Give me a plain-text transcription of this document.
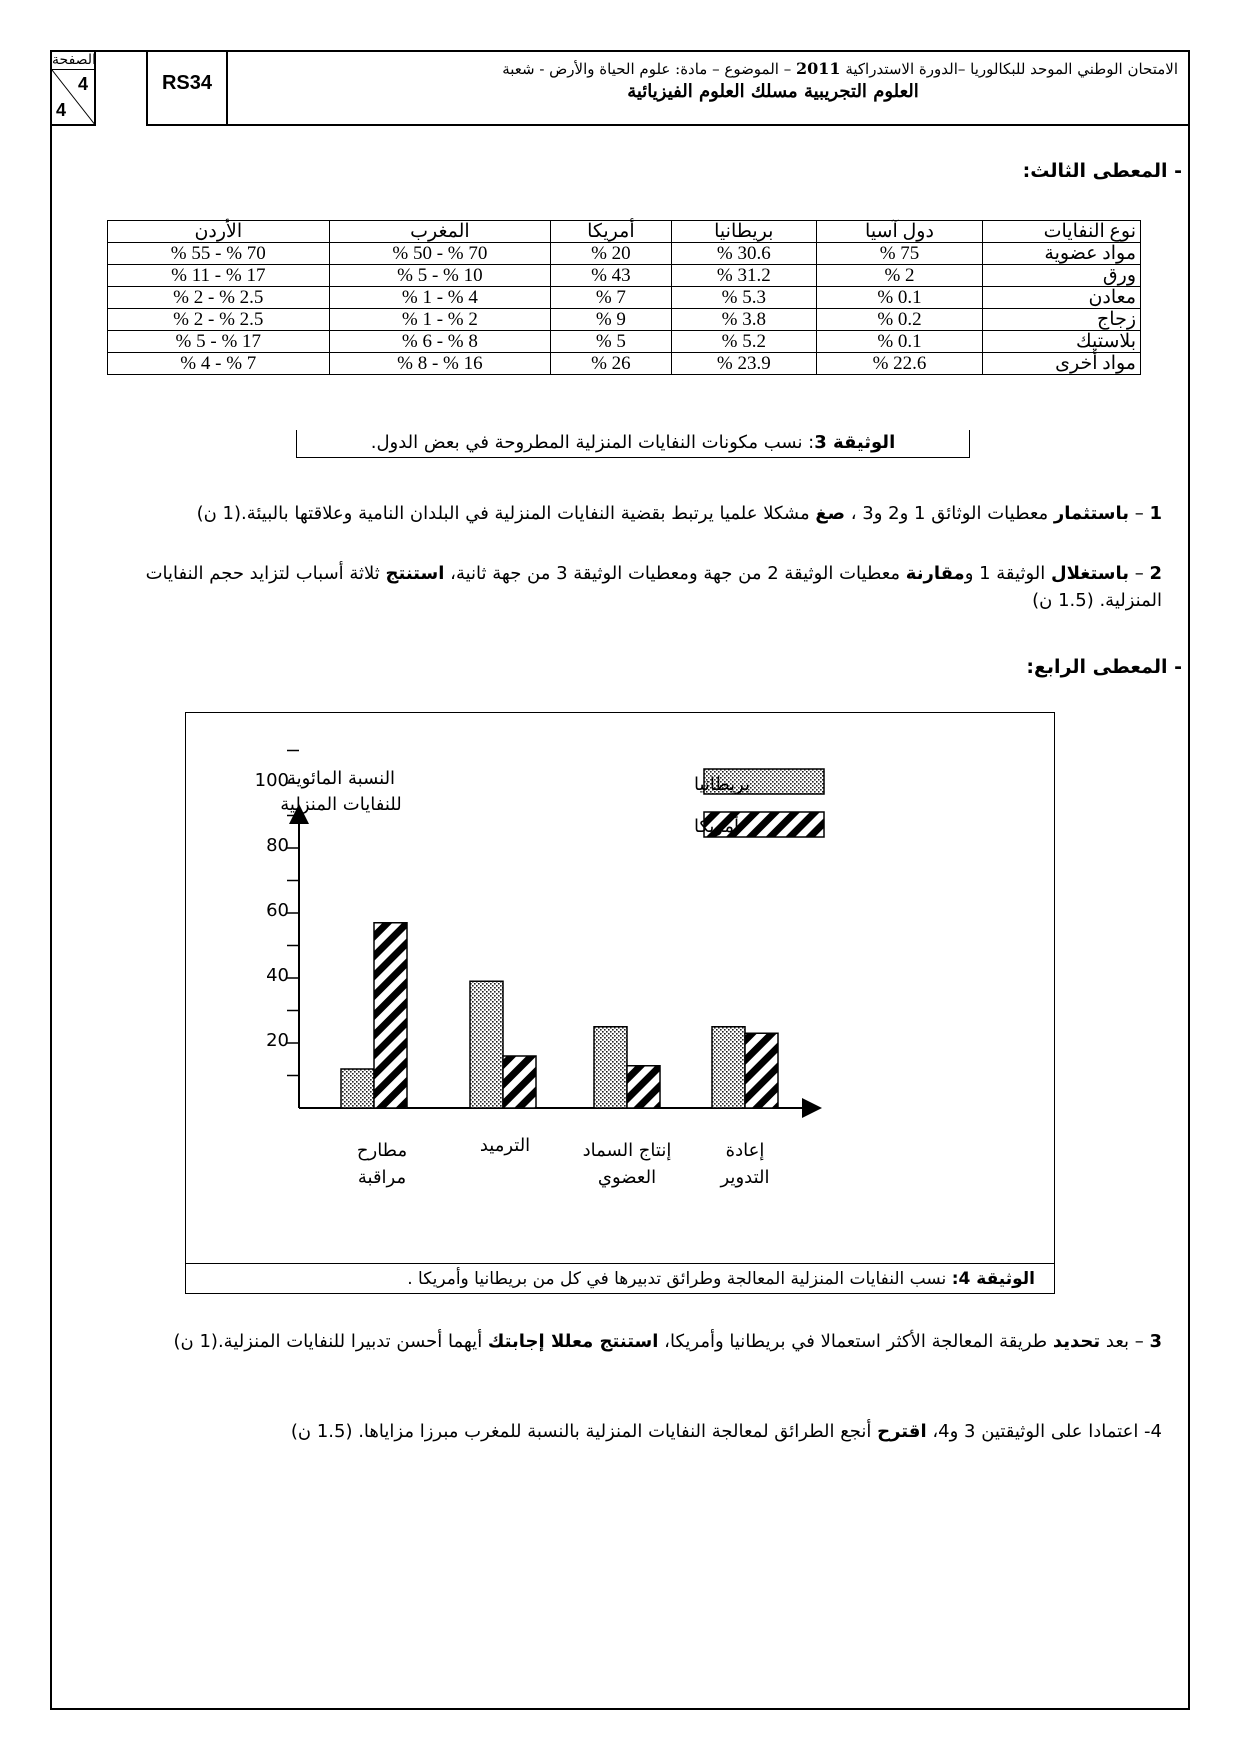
الصفحة
4
4
RS34
الامتحان الوطني الموحد للبكالوريا –الدورة الاستدراكية 2011 – الموضوع – مادة: علوم الحياة والأرض - شعبة
العلوم التجريبية مسلك العلوم الفيزيائية
- المعطى الثالث:
نوع النفايات	دول آسيا	بريطانيا	أمريكا	المغرب	الأردن
مواد عضوية	75 %	30.6 %	20 %	70 % - 50 %	70 % - 55 %
ورق	2 %	31.2 %	43 %	10 % - 5 %	17 % - 11 %
معادن	0.1 %	5.3 %	7 %	4 % - 1 %	2.5 % - 2 %
زجاج	0.2 %	3.8 %	9 %	2 % - 1 %	2.5 % - 2 %
بلاستيك	0.1 %	5.2 %	5 %	8 % - 6 %	17 % - 5 %
مواد أخرى	22.6 %	23.9 %	26 %	16 % - 8 %	7 % - 4 %
الوثيقة 3: نسب مكونات النفايات المنزلية المطروحة في بعض الدول.
1 – باستثمار معطيات الوثائق 1 و2 و3 ، صغ مشكلا علميا يرتبط بقضية النفايات المنزلية في البلدان النامية وعلاقتها بالبيئة.(1 ن)
2 – باستغلال الوثيقة 1 ومقارنة معطيات الوثيقة 2 من جهة ومعطيات الوثيقة 3 من جهة ثانية، استنتج ثلاثة أسباب لتزايد حجم النفايات المنزلية. (1.5 ن)
- المعطى الرابع:
20
40
60
80
100
النسبة المائوية
للنفايات المنزلية
مطارح
مراقبة
الترميد	إنتاج السماد
العضوي
إعادة
التدوير
بريطانيا
أمريكا
الوثيقة 4: نسب النفايات المنزلية المعالجة وطرائق تدبيرها في كل من بريطانيا وأمريكا .
3 – بعد تحديد طريقة المعالجة الأكثر استعمالا في بريطانيا وأمريكا، استنتج معللا إجابتك أيهما أحسن تدبيرا للنفايات المنزلية.(1 ن)
4- اعتمادا على الوثيقتين 3 و4، اقترح أنجع الطرائق لمعالجة النفايات المنزلية بالنسبة للمغرب مبرزا مزاياها. (1.5 ن)
